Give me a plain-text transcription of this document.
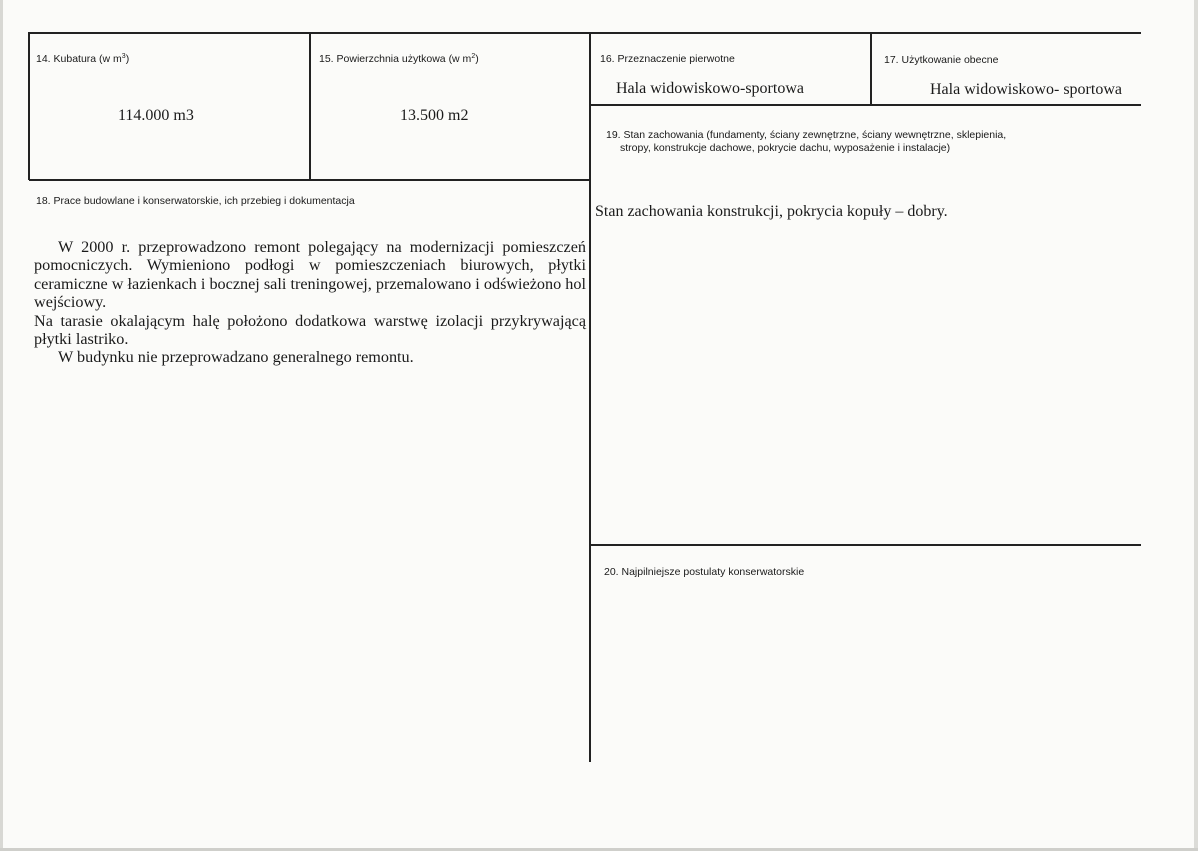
14. Kubatura (w $m^3$)
114.000 m3
15. Powierzchnia użytkowa (w $m^2$)
13.500 m2
16. Przeznaczenie pierwotne
Hala widowiskowo-sportowa
17. Użytkowanie obecne
Hala widowiskowo- sportowa
19. Stan zachowania (fundamenty, ściany zewnętrzne, ściany wewnętrzne, sklepienia,
stropy, konstrukcje dachowe, pokrycie dachu, wyposażenie i instalacje)
Stan zachowania konstrukcji, pokrycia kopuły – dobry.
18. Prace budowlane i konserwatorskie, ich przebieg i dokumentacja

W 2000 r. przeprowadzono remont polegający na modernizacji pomieszczeń pomocniczych. Wymieniono podłogi w pomieszczeniach biurowych, płytki ceramiczne w łazienkach i bocznej sali treningowej, przemalowano i odświeżono hol wejściowy.

Na tarasie okalającym halę położono dodatkowa warstwę izolacji przykrywającą płytki lastriko.

W budynku nie przeprowadzano generalnego remontu.

20. Najpilniejsze postulaty konserwatorskie
